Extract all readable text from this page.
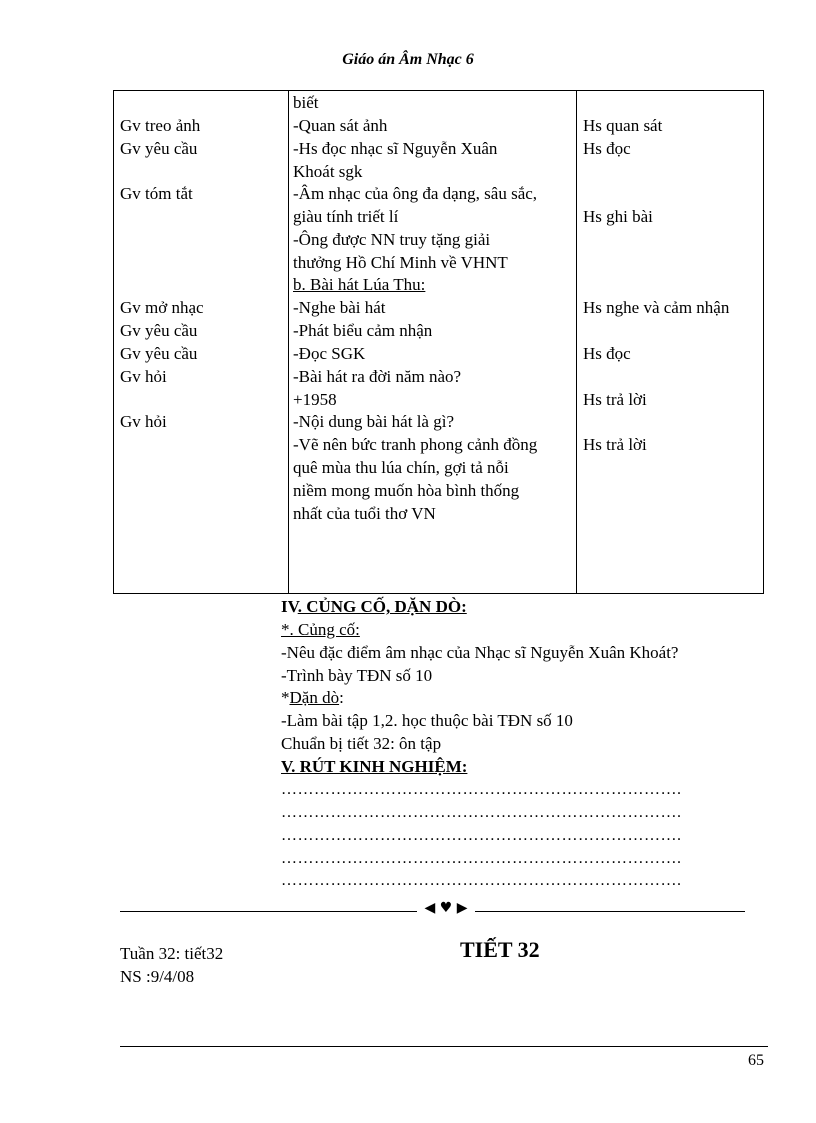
Giáo án Âm Nhạc 6
Gv treo ảnh
Gv yêu cầu
Gv tóm tắt
Gv mở nhạc
Gv yêu cầu
Gv yêu cầu
Gv hỏi
Gv hỏi
biết
-Quan sát ảnh
-Hs đọc nhạc sĩ Nguyễn Xuân
Khoát sgk
-Âm nhạc của ông đa dạng, sâu sắc,
giàu tính triết lí
-Ông được NN truy tặng giải
thưởng Hồ Chí Minh về VHNT
b. Bài hát Lúa Thu:
-Nghe bài hát
-Phát biểu cảm nhận
-Đọc SGK
-Bài hát ra đời năm nào?
+1958
-Nội dung bài hát là gì?
-Vẽ nên bức tranh phong cảnh đồng
quê mùa thu lúa chín, gợi tả nỗi
niềm mong muốn hòa bình thống
nhất của tuổi thơ VN
Hs quan sát
Hs đọc
Hs ghi bài
Hs nghe và cảm nhận
Hs đọc
Hs trả lời
Hs trả lời
IV. CỦNG CỐ, DẶN DÒ:
*. Củng cố:
-Nêu đặc điểm âm nhạc của Nhạc sĩ Nguyễn Xuân Khoát?
-Trình bày TĐN số 10
*Dặn dò:
-Làm bài tập 1,2. học thuộc bài TĐN số 10
Chuẩn bị tiết 32: ôn tập
V. RÚT KINH NGHIỆM:
……………………………………………………………….
……………………………………………………………….
……………………………………………………………….
……………………………………………………………….
……………………………………………………………….
◀ ♥ ▶
Tuần 32: tiết32
NS :9/4/08
TIẾT 32
65
